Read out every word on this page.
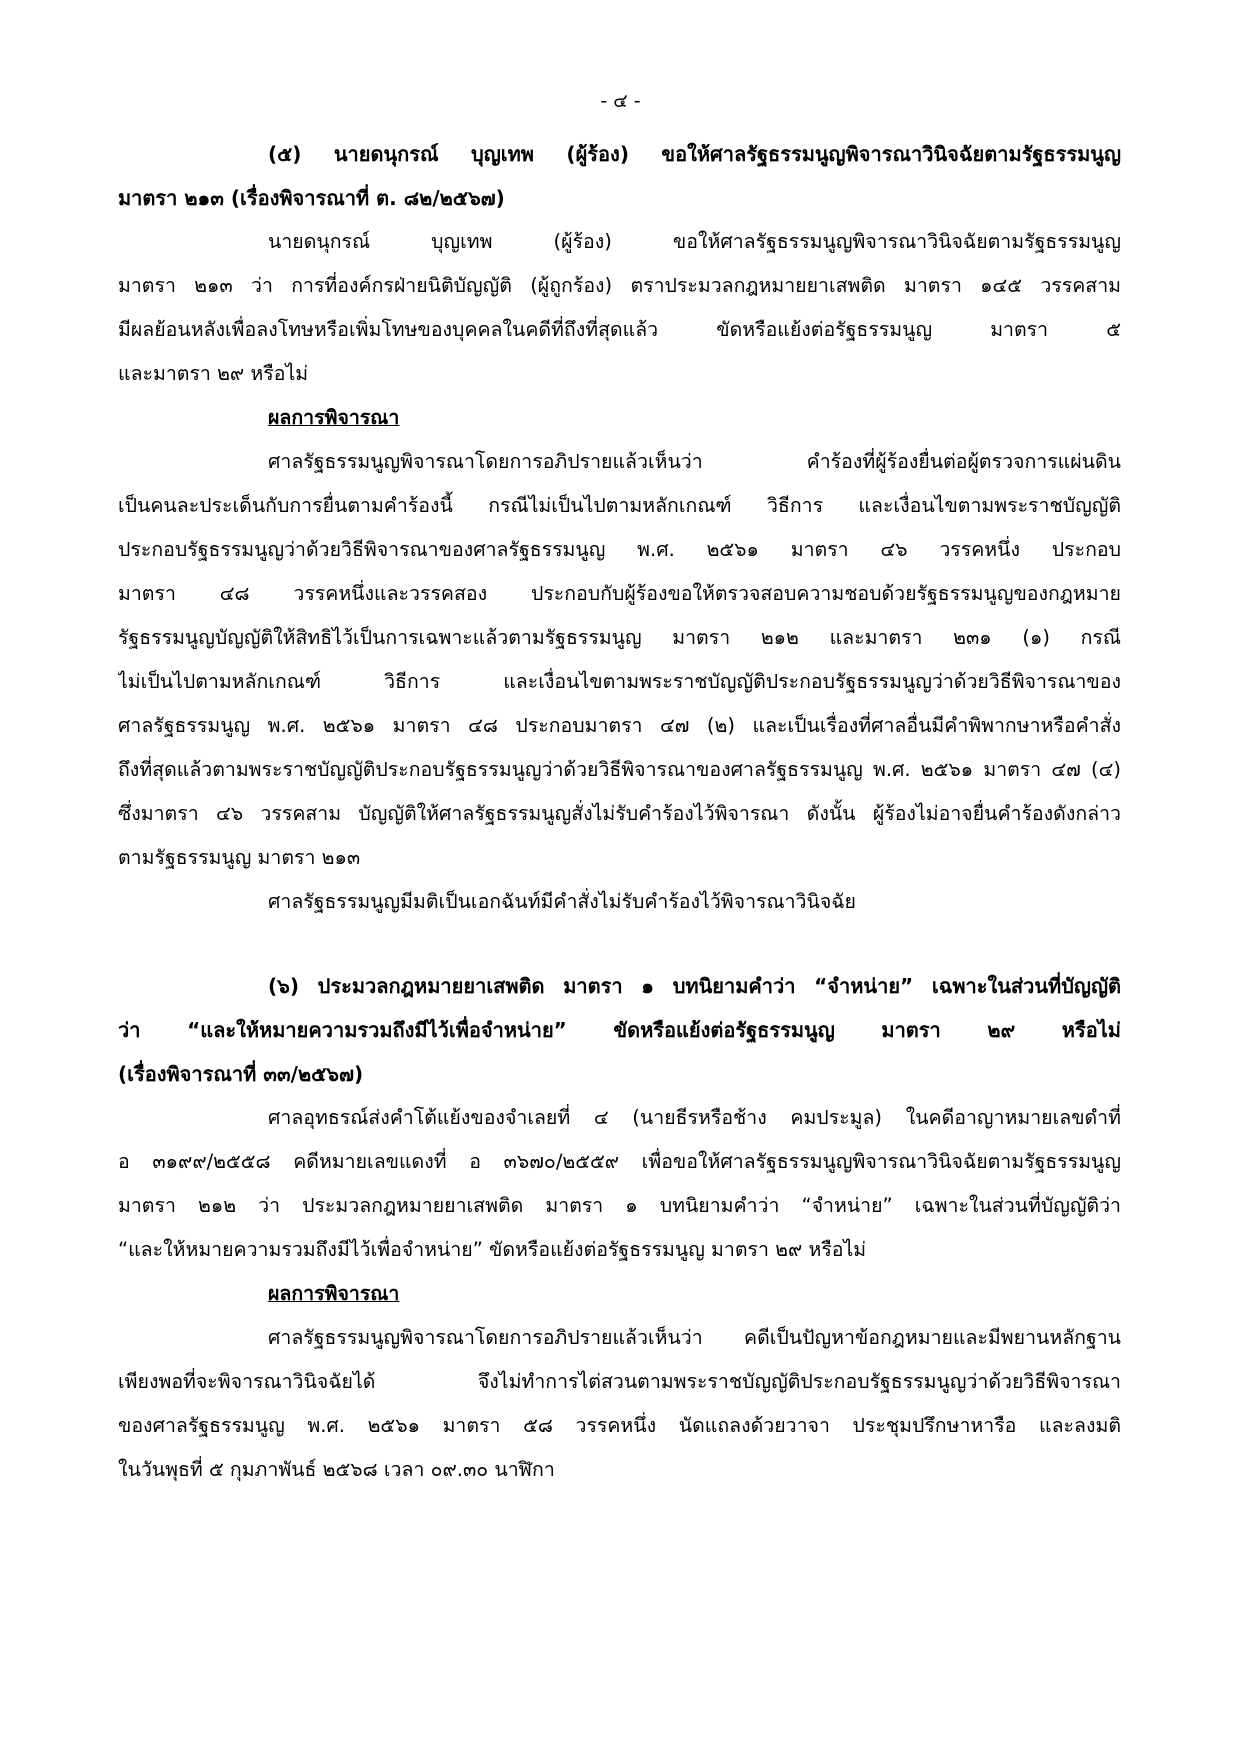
- ๔ -
(๕) นายดนุกรณ์ บุญเทพ (ผู้ร้อง) ขอให้ศาลรัฐธรรมนูญพิจารณาวินิจฉัยตามรัฐธรรมนูญ
มาตรา ๒๑๓ (เรื่องพิจารณาที่ ต. ๘๒/๒๕๖๗)
นายดนุกรณ์ บุญเทพ (ผู้ร้อง) ขอให้ศาลรัฐธรรมนูญพิจารณาวินิจฉัยตามรัฐธรรมนูญ
มาตรา ๒๑๓ ว่า การที่องค์กรฝ่ายนิติบัญญัติ (ผู้ถูกร้อง) ตราประมวลกฎหมายยาเสพติด มาตรา ๑๔๕ วรรคสาม
มีผลย้อนหลังเพื่อลงโทษหรือเพิ่มโทษของบุคคลในคดีที่ถึงที่สุดแล้ว ขัดหรือแย้งต่อรัฐธรรมนูญ มาตรา ๕
และมาตรา ๒๙ หรือไม่
ผลการพิจารณา
ศาลรัฐธรรมนูญพิจารณาโดยการอภิปรายแล้วเห็นว่า คำร้องที่ผู้ร้องยื่นต่อผู้ตรวจการแผ่นดิน
เป็นคนละประเด็นกับการยื่นตามคำร้องนี้ กรณีไม่เป็นไปตามหลักเกณฑ์ วิธีการ และเงื่อนไขตามพระราชบัญญัติ
ประกอบรัฐธรรมนูญว่าด้วยวิธีพิจารณาของศาลรัฐธรรมนูญ พ.ศ. ๒๕๖๑ มาตรา ๔๖ วรรคหนึ่ง ประกอบ
มาตรา ๔๘ วรรคหนึ่งและวรรคสอง ประกอบกับผู้ร้องขอให้ตรวจสอบความชอบด้วยรัฐธรรมนูญของกฎหมาย
รัฐธรรมนูญบัญญัติให้สิทธิไว้เป็นการเฉพาะแล้วตามรัฐธรรมนูญ มาตรา ๒๑๒ และมาตรา ๒๓๑ (๑) กรณี
ไม่เป็นไปตามหลักเกณฑ์ วิธีการ และเงื่อนไขตามพระราชบัญญัติประกอบรัฐธรรมนูญว่าด้วยวิธีพิจารณาของ
ศาลรัฐธรรมนูญ พ.ศ. ๒๕๖๑ มาตรา ๔๘ ประกอบมาตรา ๔๗ (๒) และเป็นเรื่องที่ศาลอื่นมีคำพิพากษาหรือคำสั่ง
ถึงที่สุดแล้วตามพระราชบัญญัติประกอบรัฐธรรมนูญว่าด้วยวิธีพิจารณาของศาลรัฐธรรมนูญ พ.ศ. ๒๕๖๑ มาตรา ๔๗ (๔)
ซึ่งมาตรา ๔๖ วรรคสาม บัญญัติให้ศาลรัฐธรรมนูญสั่งไม่รับคำร้องไว้พิจารณา ดังนั้น ผู้ร้องไม่อาจยื่นคำร้องดังกล่าว
ตามรัฐธรรมนูญ มาตรา ๒๑๓
ศาลรัฐธรรมนูญมีมติเป็นเอกฉันท์มีคำสั่งไม่รับคำร้องไว้พิจารณาวินิจฉัย
(๖) ประมวลกฎหมายยาเสพติด มาตรา ๑ บทนิยามคำว่า “จำหน่าย” เฉพาะในส่วนที่บัญญัติ
ว่า “และให้หมายความรวมถึงมีไว้เพื่อจำหน่าย” ขัดหรือแย้งต่อรัฐธรรมนูญ มาตรา ๒๙ หรือไม่
(เรื่องพิจารณาที่ ๓๓/๒๕๖๗)
ศาลอุทธรณ์ส่งคำโต้แย้งของจำเลยที่ ๔ (นายธีรหรือช้าง คมประมูล) ในคดีอาญาหมายเลขดำที่
อ ๓๑๙๙/๒๕๕๘ คดีหมายเลขแดงที่ อ ๓๖๗๐/๒๕๕๙ เพื่อขอให้ศาลรัฐธรรมนูญพิจารณาวินิจฉัยตามรัฐธรรมนูญ
มาตรา ๒๑๒ ว่า ประมวลกฎหมายยาเสพติด มาตรา ๑ บทนิยามคำว่า “จำหน่าย” เฉพาะในส่วนที่บัญญัติว่า
“และให้หมายความรวมถึงมีไว้เพื่อจำหน่าย” ขัดหรือแย้งต่อรัฐธรรมนูญ มาตรา ๒๙ หรือไม่
ผลการพิจารณา
ศาลรัฐธรรมนูญพิจารณาโดยการอภิปรายแล้วเห็นว่า คดีเป็นปัญหาข้อกฎหมายและมีพยานหลักฐาน
เพียงพอที่จะพิจารณาวินิจฉัยได้ จึงไม่ทำการไต่สวนตามพระราชบัญญัติประกอบรัฐธรรมนูญว่าด้วยวิธีพิจารณา
ของศาลรัฐธรรมนูญ พ.ศ. ๒๕๖๑ มาตรา ๕๘ วรรคหนึ่ง นัดแถลงด้วยวาจา ประชุมปรึกษาหารือ และลงมติ
ในวันพุธที่ ๕ กุมภาพันธ์ ๒๕๖๘ เวลา ๐๙.๓๐ นาฬิกา
